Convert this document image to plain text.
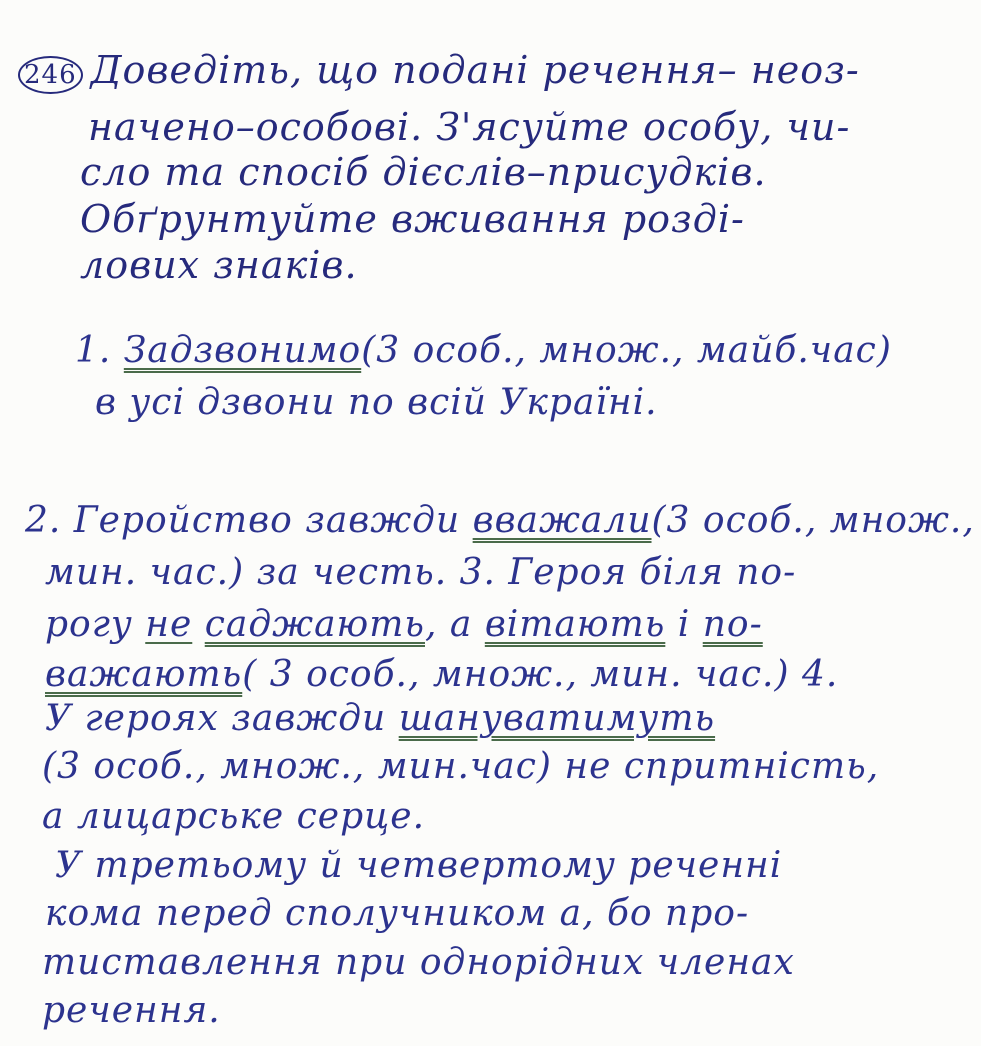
246 Доведіть, що подані речення– неоз-
начено–особові. З'ясуйте особу, чи-
сло та спосіб дієслів–присудків.
Обґрунтуйте вживання розді-
лових знаків.
1. Задзвонимо(3 особ., множ., майб.час)
в усі дзвони по всій Україні.
2. Геройство завжди вважали(3 особ., множ.,
мин. час.) за честь. 3. Героя біля по-
рогу не саджають, а вітають і по-
важають( 3 особ., множ., мин. час.) 4.
У героях завжди шануватимуть
(3 особ., множ., мин.час) не спритність,
а лицарське серце.
У третьому й четвертому реченні
кома перед сполучником а, бо про-
тиставлення при однорідних членах
речення.
